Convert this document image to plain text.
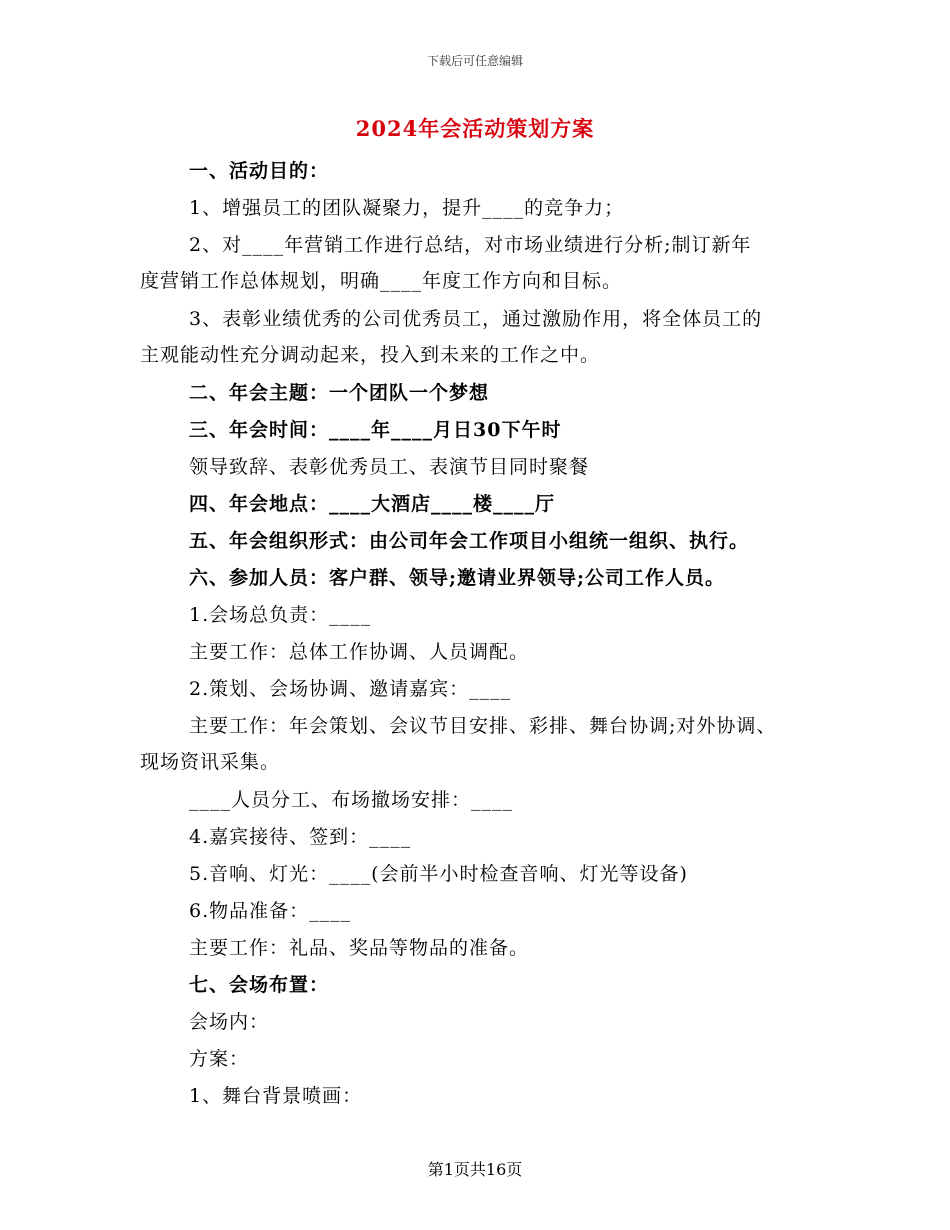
下载后可任意编辑
2024年会活动策划方案
一、活动目的：
1、增强员工的团队凝聚力，提升____的竞争力；
2、对____年营销工作进行总结，对市场业绩进行分析;制订新年
度营销工作总体规划，明确____年度工作方向和目标。
3、表彰业绩优秀的公司优秀员工，通过激励作用，将全体员工的
主观能动性充分调动起来，投入到未来的工作之中。
二、年会主题：一个团队一个梦想
三、年会时间：____年____月日30下午时
领导致辞、表彰优秀员工、表演节目同时聚餐
四、年会地点：____大酒店____楼____厅
五、年会组织形式：由公司年会工作项目小组统一组织、执行。
六、参加人员：客户群、领导;邀请业界领导;公司工作人员。
1.会场总负责：____
主要工作：总体工作协调、人员调配。
2.策划、会场协调、邀请嘉宾：____
主要工作：年会策划、会议节目安排、彩排、舞台协调;对外协调、
现场资讯采集。
____人员分工、布场撤场安排：____
4.嘉宾接待、签到：____
5.音响、灯光：____(会前半小时检查音响、灯光等设备)
6.物品准备：____
主要工作：礼品、奖品等物品的准备。
七、会场布置：
会场内：
方案：
1、舞台背景喷画：
第1页共16页
